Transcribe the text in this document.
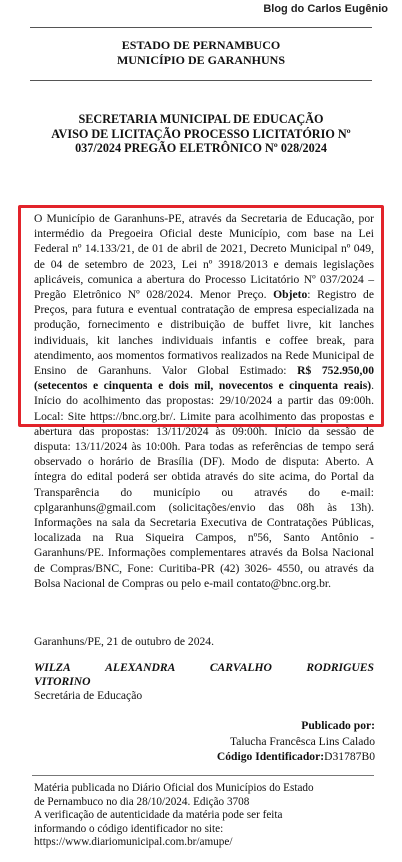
Blog do Carlos Eugênio
ESTADO DE PERNAMBUCO
MUNICÍPIO DE GARANHUNS
SECRETARIA MUNICIPAL DE EDUCAÇÃO
AVISO DE LICITAÇÃO PROCESSO LICITATÓRIO Nº
037/2024 PREGÃO ELETRÔNICO Nº 028/2024
O Município de Garanhuns-PE, através da Secretaria de Educação, por intermédio da Pregoeira Oficial deste Município, com base na Lei Federal nº 14.133/21, de 01 de abril de 2021, Decreto Municipal nº 049, de 04 de setembro de 2023, Lei nº 3918/2013 e demais legislações aplicáveis, comunica a abertura do Processo Licitatório Nº 037/2024 – Pregão Eletrônico Nº 028/2024. Menor Preço. Objeto: Registro de Preços, para futura e eventual contratação de empresa especializada na produção, fornecimento e distribuição de buffet livre, kit lanches individuais, kit lanches individuais infantis e coffee break, para atendimento, aos momentos formativos realizados na Rede Municipal de Ensino de Garanhuns. Valor Global Estimado: R$ 752.950,00 (setecentos e cinquenta e dois mil, novecentos e cinquenta reais). Início do acolhimento das propostas: 29/10/2024 a partir das 09:00h. Local: Site https://bnc.org.br/. Limite para acolhimento das propostas e abertura das propostas: 13/11/2024 às 09:00h. Início da sessão de disputa: 13/11/2024 às 10:00h. Para todas as referências de tempo será observado o horário de Brasília (DF). Modo de disputa: Aberto. A íntegra do edital poderá ser obtida através do site acima, do Portal da Transparência do município ou através do e-mail: cplgaranhuns@gmail.com (solicitações/envio das 08h às 13h). Informações na sala da Secretaria Executiva de Contratações Públicas, localizada na Rua Siqueira Campos, nº56, Santo Antônio - Garanhuns/PE. Informações complementares através da Bolsa Nacional de Compras/BNC, Fone: Curitiba-PR (42) 3026- 4550, ou através da Bolsa Nacional de Compras ou pelo e-mail contato@bnc.org.br.
Garanhuns/PE, 21 de outubro de 2024.
WILZA	ALEXANDRA	CARVALHO	RODRIGUES
VITORINO
Secretária de Educação
Publicado por:
Talucha Francêsca Lins Calado
Código Identificador:D31787B0
Matéria publicada no Diário Oficial dos Municípios do Estado
de Pernambuco no dia 28/10/2024. Edição 3708
A verificação de autenticidade da matéria pode ser feita
informando o código identificador no site:
https://www.diariomunicipal.com.br/amupe/
